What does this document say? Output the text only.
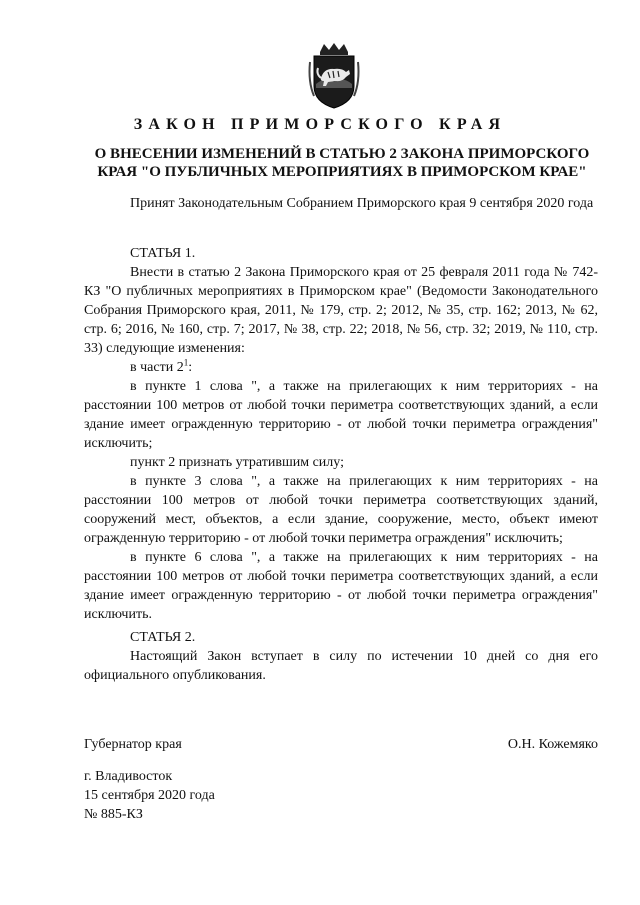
ЗАКОН ПРИМОРСКОГО КРАЯ
О ВНЕСЕНИИ ИЗМЕНЕНИЙ В СТАТЬЮ 2 ЗАКОНА ПРИМОРСКОГО КРАЯ "О ПУБЛИЧНЫХ МЕРОПРИЯТИЯХ В ПРИМОРСКОМ КРАЕ"

Принят Законодательным Собранием Приморского края 9 сентября 2020 года

СТАТЬЯ 1.

Внести в статью 2 Закона Приморского края от 25 февраля 2011 года № 742-КЗ "О публичных мероприятиях в Приморском крае" (Ведомости Законодательного Собрания Приморского края, 2011, № 179, стр. 2; 2012, № 35, стр. 162; 2013, № 62, стр. 6; 2016, № 160, стр. 7; 2017, № 38, стр. 22; 2018, № 56, стр. 32; 2019, № 110, стр. 33) следующие изменения:

в части $2^1$:

в пункте 1 слова ", а также на прилегающих к ним территориях - на расстоянии 100 метров от любой точки периметра соответствующих зданий, а если здание имеет огражденную территорию - от любой точки периметра ограждения" исключить;

пункт 2 признать утратившим силу;

в пункте 3 слова ", а также на прилегающих к ним территориях - на расстоянии 100 метров от любой точки периметра соответствующих зданий, сооружений мест, объектов, а если здание, сооружение, место, объект имеют огражденную территорию - от любой точки периметра ограждения" исключить;

в пункте 6 слова ", а также на прилегающих к ним территориях - на расстоянии 100 метров от любой точки периметра соответствующих зданий, а если здание имеет огражденную территорию - от любой точки периметра ограждения" исключить.

СТАТЬЯ 2.

Настоящий Закон вступает в силу по истечении 10 дней со дня его официального опубликования.

Губернатор края	О.Н. Кожемяко
г. Владивосток
15 сентября 2020 года
№ 885-КЗ
